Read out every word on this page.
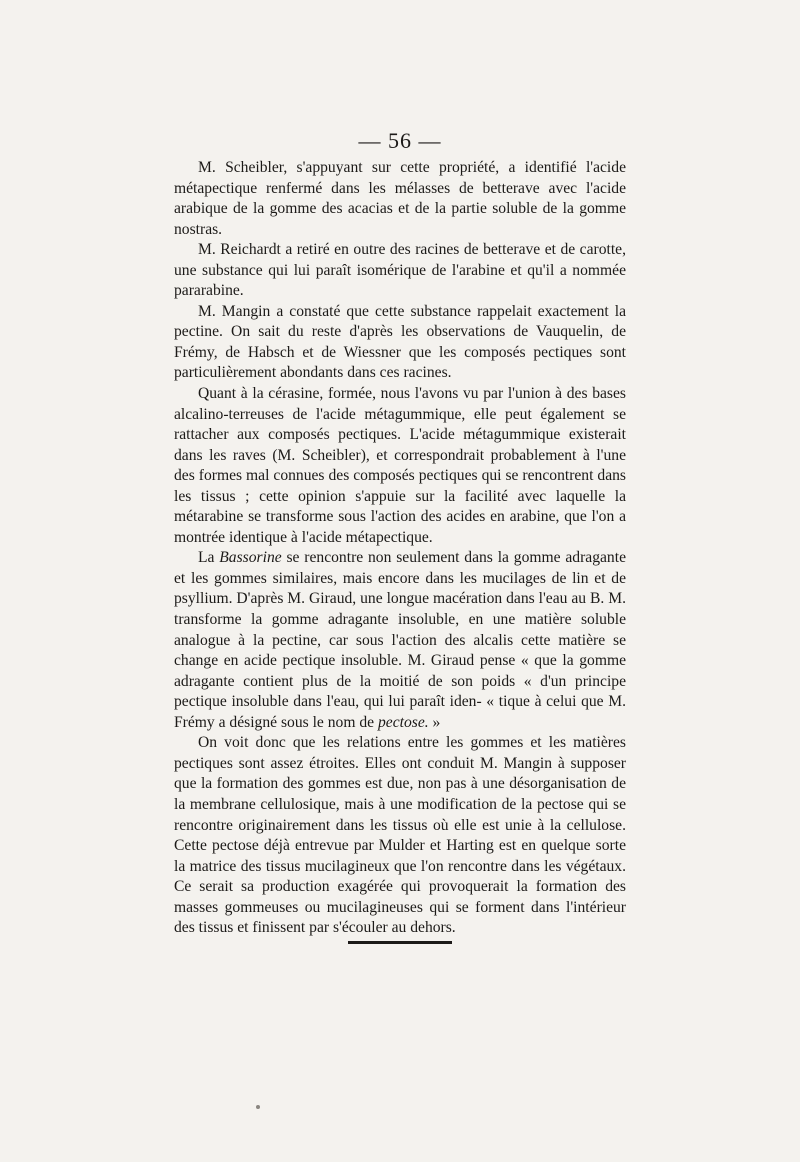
— 56 —

M. Scheibler, s'appuyant sur cette propriété, a identifié l'acide métapectique renfermé dans les mélasses de betterave avec l'acide arabique de la gomme des acacias et de la partie soluble de la gomme nostras.

M. Reichardt a retiré en outre des racines de betterave et de carotte, une substance qui lui paraît isomérique de l'arabine et qu'il a nommée pararabine.

M. Mangin a constaté que cette substance rappelait exactement la pectine. On sait du reste d'après les observations de Vauquelin, de Frémy, de Habsch et de Wiessner que les composés pectiques sont particulièrement abondants dans ces racines.

Quant à la cérasine, formée, nous l'avons vu par l'union à des bases alcalino-terreuses de l'acide métagummique, elle peut également se rattacher aux composés pectiques. L'acide métagummique existerait dans les raves (M. Scheibler), et correspondrait probablement à l'une des formes mal connues des composés pectiques qui se rencontrent dans les tissus ; cette opinion s'appuie sur la facilité avec laquelle la métarabine se transforme sous l'action des acides en arabine, que l'on a montrée identique à l'acide métapectique.

La Bassorine se rencontre non seulement dans la gomme adragante et les gommes similaires, mais encore dans les mucilages de lin et de psyllium. D'après M. Giraud, une longue macération dans l'eau au B. M. transforme la gomme adragante insoluble, en une matière soluble analogue à la pectine, car sous l'action des alcalis cette matière se change en acide pectique insoluble. M. Giraud pense « que la gomme adragante contient plus de la moitié de son poids « d'un principe pectique insoluble dans l'eau, qui lui paraît iden- « tique à celui que M. Frémy a désigné sous le nom de pectose. »

On voit donc que les relations entre les gommes et les matières pectiques sont assez étroites. Elles ont conduit M. Mangin à supposer que la formation des gommes est due, non pas à une désorganisation de la membrane cellulosique, mais à une modification de la pectose qui se rencontre originairement dans les tissus où elle est unie à la cellulose. Cette pectose déjà entrevue par Mulder et Harting est en quelque sorte la matrice des tissus mucilagineux que l'on rencontre dans les végétaux. Ce serait sa production exagérée qui provoquerait la formation des masses gommeuses ou mucilagineuses qui se forment dans l'intérieur des tissus et finissent par s'écouler au dehors.
